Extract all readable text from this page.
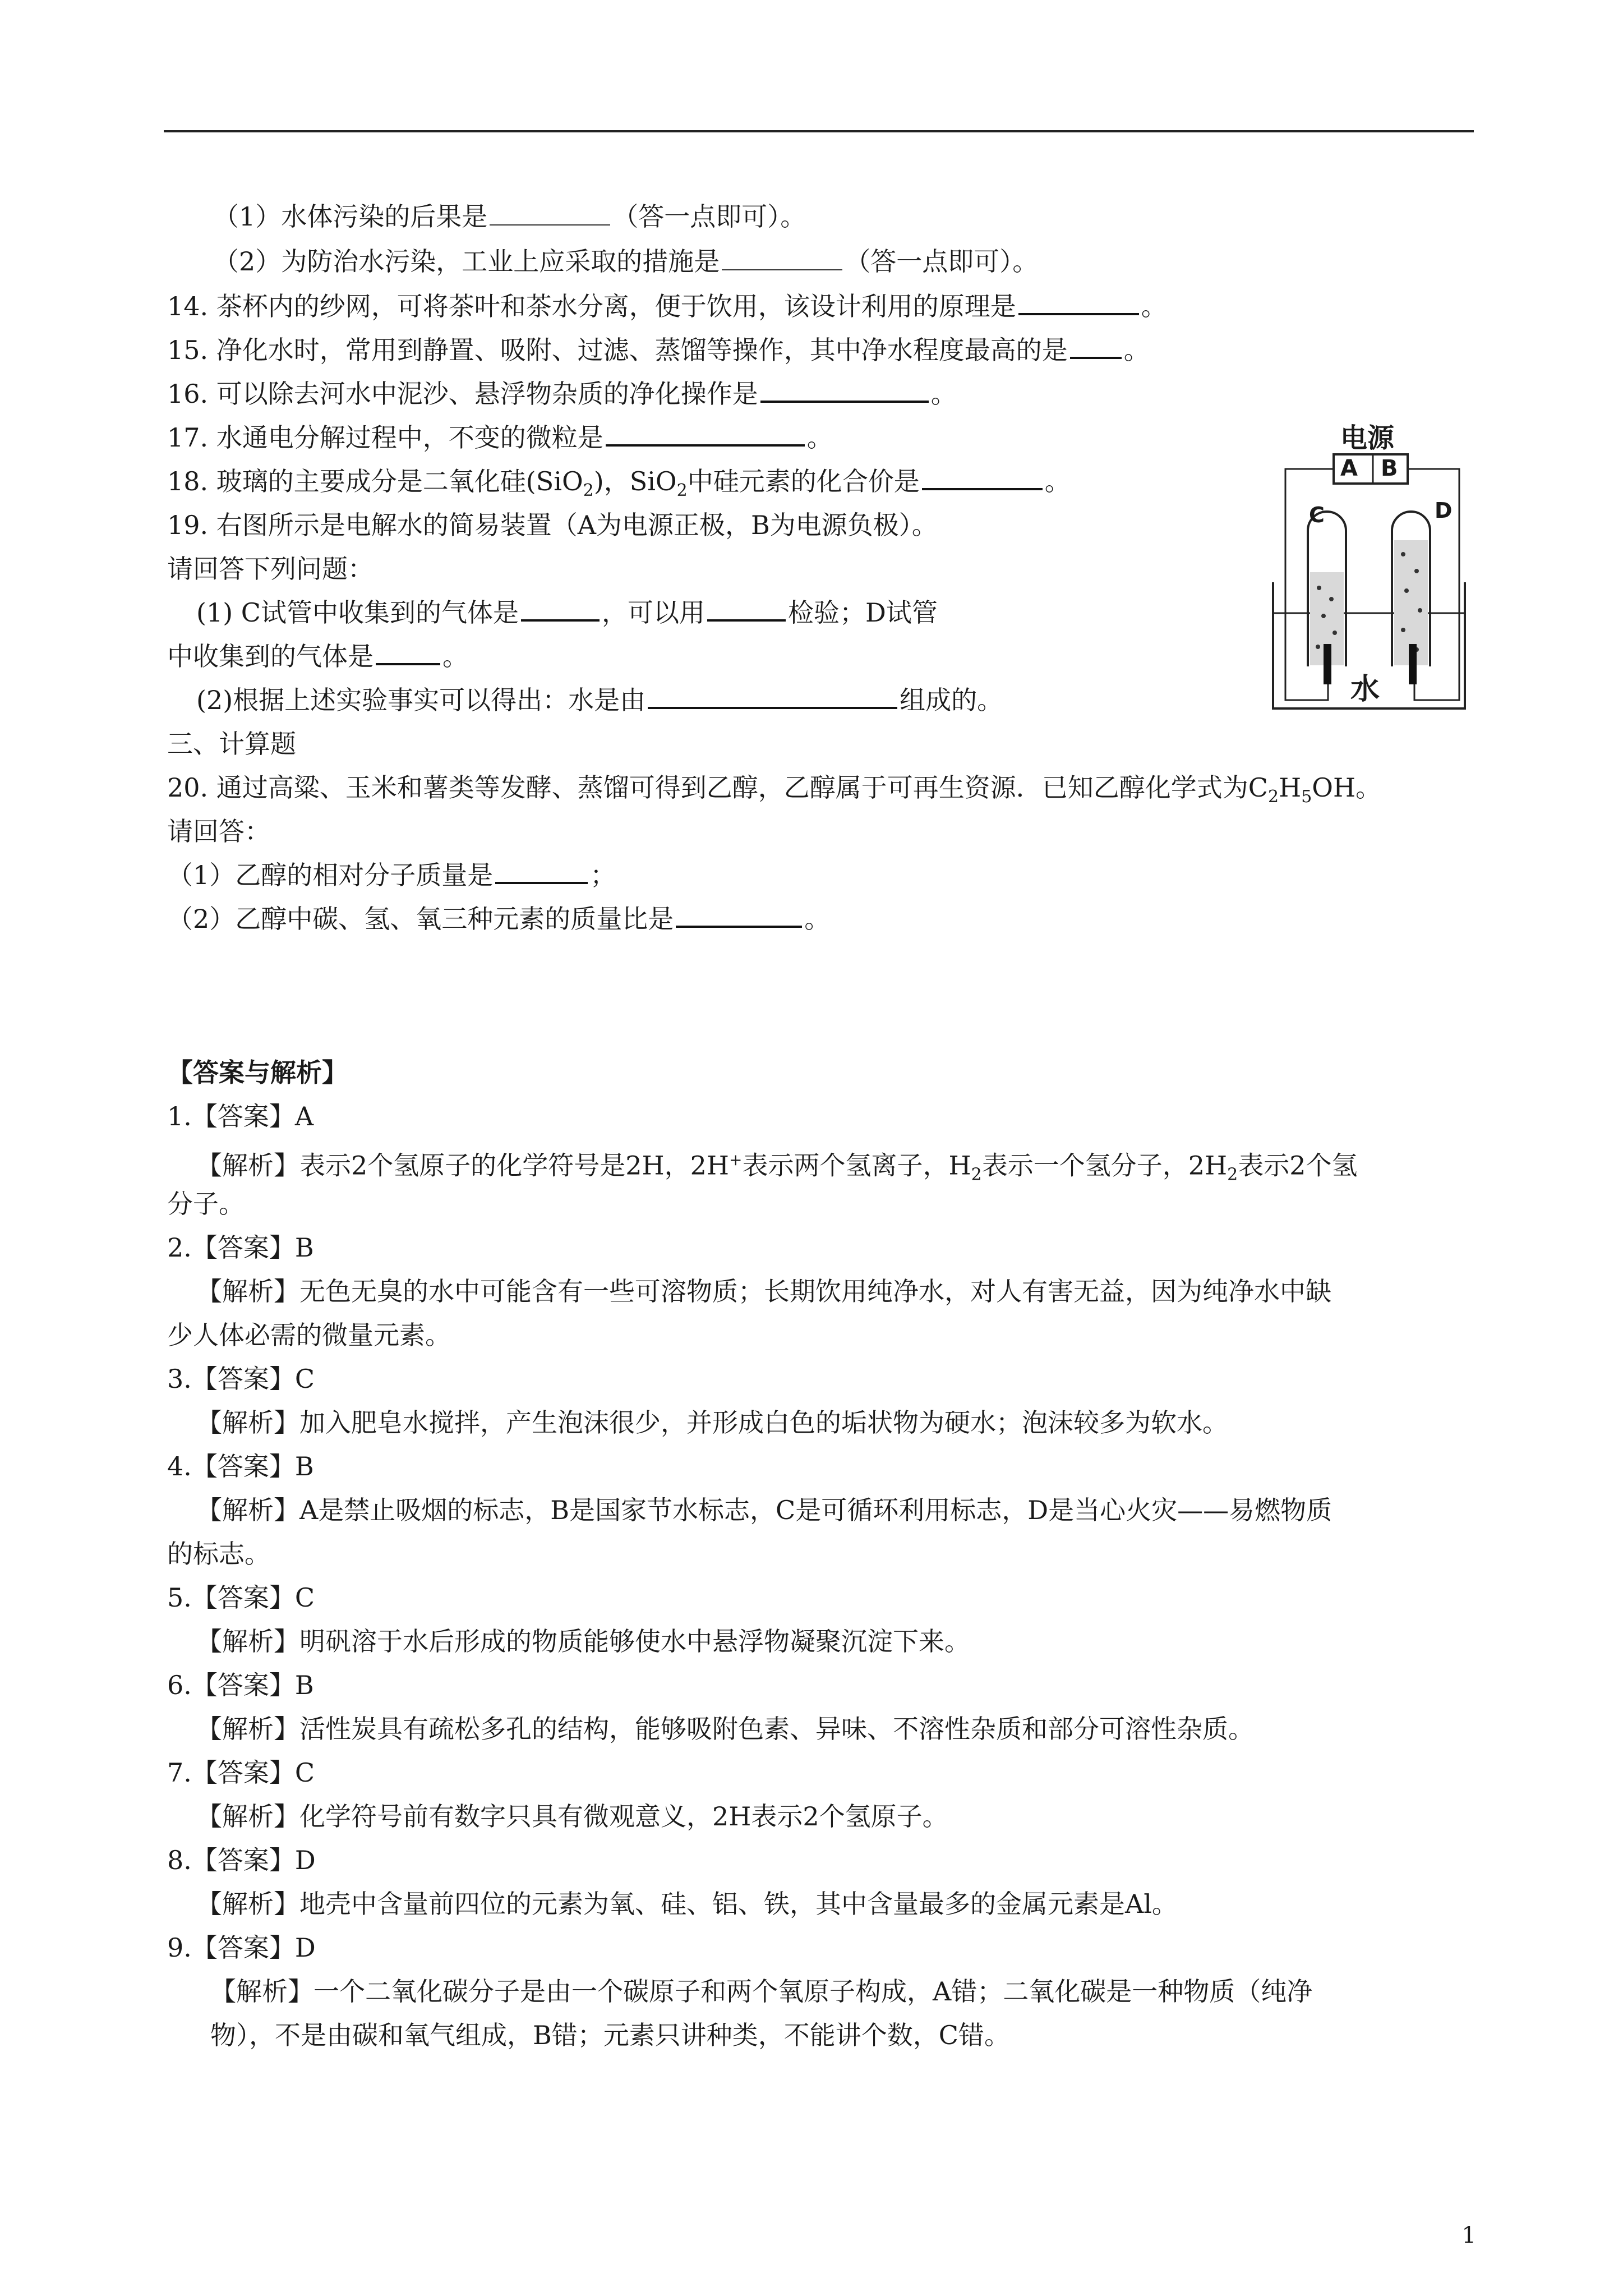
（1）水体污染的后果是	（答一点即可）。
（2）为防治水污染，工业上应采取的措施是	（答一点即可）。
14. 茶杯内的纱网，可将茶叶和茶水分离，便于饮用，该设计利用的原理是	。
15. 净化水时，常用到静置、吸附、过滤、蒸馏等操作，其中净水程度最高的是 。
16. 可以除去河水中泥沙、悬浮物杂质的净化操作是	。
17. 水通电分解过程中，不变的微粒是	。
18. 玻璃的主要成分是二氧化硅(SiO$_2$)，SiO$_2$中硅元素的化合价是	。
19. 右图所示是电解水的简易装置（A为电源正极，B为电源负极）。
请回答下列问题：
(1) C试管中收集到的气体是	，可以用	检验；D试管
中收集到的气体是	。
(2)根据上述实验事实可以得出：水是由	组成的。
三、计算题
20. 通过高粱、玉米和薯类等发酵、蒸馏可得到乙醇，乙醇属于可再生资源．已知乙醇化学式为$C_2H_5OH$。
请回答：
（1）乙醇的相对分子质量是	；
（2）乙醇中碳、氢、氧三种元素的质量比是	。
电源
A B
C	D
水
【答案与解析】
1.【答案】A
【解析】表示2个氢原子的化学符号是2H，2H+表示两个氢离子，$H_2$表示一个氢分子，$2H_2$表示2个氢
分子。
2.【答案】B
【解析】无色无臭的水中可能含有一些可溶物质；长期饮用纯净水，对人有害无益，因为纯净水中缺
少人体必需的微量元素。
3.【答案】C
【解析】加入肥皂水搅拌，产生泡沫很少，并形成白色的垢状物为硬水；泡沫较多为软水。
4.【答案】B
【解析】A是禁止吸烟的标志，B是国家节水标志，C是可循环利用标志，D是当心火灾——易燃物质
的标志。
5.【答案】C
【解析】明矾溶于水后形成的物质能够使水中悬浮物凝聚沉淀下来。
6.【答案】B
【解析】活性炭具有疏松多孔的结构，能够吸附色素、异味、不溶性杂质和部分可溶性杂质。
7.【答案】C
【解析】化学符号前有数字只具有微观意义，2H表示2个氢原子。
8.【答案】D
【解析】地壳中含量前四位的元素为氧、硅、铝、铁，其中含量最多的金属元素是Al。
9.【答案】D
【解析】一个二氧化碳分子是由一个碳原子和两个氧原子构成，A错；二氧化碳是一种物质（纯净
物），不是由碳和氧气组成，B错；元素只讲种类，不能讲个数，C错。
1
